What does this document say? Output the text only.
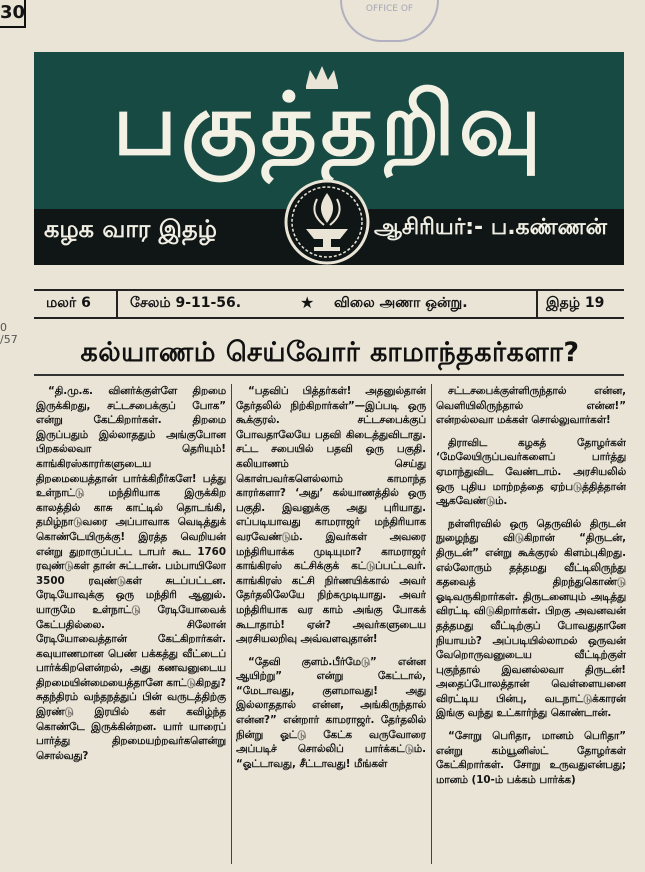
30	OFFICE OF
0 /57
பகுத்தறிவு
கழக வார இதழ்	ஆசிரியர்:- ப.கண்ணன்
மலர் 6	சேலம் 9-11-56.	★ விலை அணா ஒன்று.	இதழ் 19
கல்யாணம் செய்வோர் காமாந்தகர்களா?

“தி.மு.க. வினர்க்குள்ளே திறமை இருக்கிறது, சட்டசபைக்குப் போக” என்று கேட்கிறார்கள். திறமை இருப்பதும் இல்லாததும் அங்குபோன பிறகல்லவா தெரியும்! காங்கிரஸ்காரர்களுடைய திறமையைத்தான் பார்க்கிறீர்களே! பத்து உள்நாட்டு மந்திரியாக இருக்கிற காலத்தில் காசு காட்டில் தொடங்கி, தமிழ்நாடுவரை அப்பாவாக வெடித்துக் கொண்டேயிருக்கு! இரத்த வெறியன் என்று துறாருப்பட்ட டாபர் கூட 1760 ரவுண்டுகள் தான் சுட்டான். பம்பாயிலோ 3500 ரவுண்டுகள் சுடப்பட்டன. ரேடியோவுக்கு ஒரு மந்திரி ஆனுல். யாருமே உள்நாட்டு ரேடியோவைக் கேட்பதில்லை. சிலோன் ரேடியோவைத்தான் கேட்கிறார்கள். கவுயாணமான பெண் பக்கத்து வீட்டைப் பார்க்கிறளென்றல், அது கணவனுடைய திறமையின்மையைத்தானே காட்டுகிறது? சுதந்திரம் வந்தநத்துப் பின் வருடத்திற்கு இரண்டு இரயில் கள் கவிழ்ந்த கொண்டே இருக்கின்றன. யார் யாரைப் பார்த்து திறமையற்றவர்களென்று சொல்வது?

“பதவிப் பித்தர்கள்! அதனுல்தான் தேர்தலில் நிற்கிறார்கள்”—இப்படி ஒரு கூக்குரல். சட்டசபைக்குப் போவதாலேயே பதவி கிடைத்துவிடாது. சட்ட சபையில் பதவி ஒரு பகுதி. கலியாணம் செய்து கொள்பவர்களெல்லாம் காமாந்த காரர்களா? ‘அது’ கல்யாணத்தில் ஒரு பகுதி. இவனுக்கு அது புரியாது. எப்படியாவது காமராஜர் மந்திரியாக வரவேண்டும். இவர்கள் அவரை மந்திரியாக்க முடியுமா? காமராஜர் காங்கிரஸ் கட்சிக்குக் கட்டுப்பட்டவர். காங்கிரஸ் கட்சி நிர்ணயிக்கால் அவர் தேர்தலிலேயே நிற்கமுடியாது. அவர் மந்திரியாக வர காம் அங்கு போகக் கூடாதாம்! ஏன்? அவர்களுடைய அரசியலறிவு அவ்வளவுதான்!

“தேவி குளம்.பீர்மேடு” என்ன ஆயிற்று” என்று கேட்டால், “மேடாவது, குளமாவது! அது இல்லாததால் என்ன, அங்கிருந்தால் என்ன?” என்றார் காமராஜர். தேர்தலில் நின்று ஓட்டு கேட்க வருவோரை அப்படிச் சொல்லிப் பார்க்கட்டும். “ஓட்டாவது, சீட்டாவது! மீங்கள்

சட்டசபைக்குள்ளிருந்தால் என்ன, வெளியிலிருந்தால் என்ன!” என்றல்லவா மக்கள் சொல்லுவார்கள்!

திராவிட கழகத் தோழர்கள் ‘மேலேயிருப்பவர்களைப் பார்த்து ஏமாந்துவிட வேண்டாம். அரசியலில் ஒரு புதிய மாற்றத்தை ஏற்படுத்தித்தான் ஆகவேண்டும்.

நள்ளிரவில் ஒரு தெருவில் திருடன் நுழைந்து விடுகிறான் “திருடன், திருடன்” என்று கூக்குரல் கிளம்புகிறது. எல்லோரும் தத்தமது வீட்டிலிருந்து கதவைத் திறந்துகொண்டு ஓடிவருகிறார்கள். திருடனையும் அடித்து விரட்டி விடுகிறார்கள். பிறகு அவனவன் தத்தமது வீட்டிற்குப் போவதுதானே நியாயம்? அப்படியில்லாமல் ஒருவன் வேறொருவனுடைய வீட்டிற்குள் புகுந்தால் இவனல்லவா திருடன்! அதைப்போலத்தான் வெள்ளையனை விரட்டிய பின்பு, வடநாட்டுக்காரன் இங்கு வந்து உட்கார்ந்து கொண்டான்.

“சோறு பெரிதா, மானம் பெரிதா” என்று கம்யூனிஸ்ட் தோழர்கள் கேட்கிறார்கள். சோறு உருவதுஎன்பது; மானம் (10-ம் பக்கம் பார்க்க)
